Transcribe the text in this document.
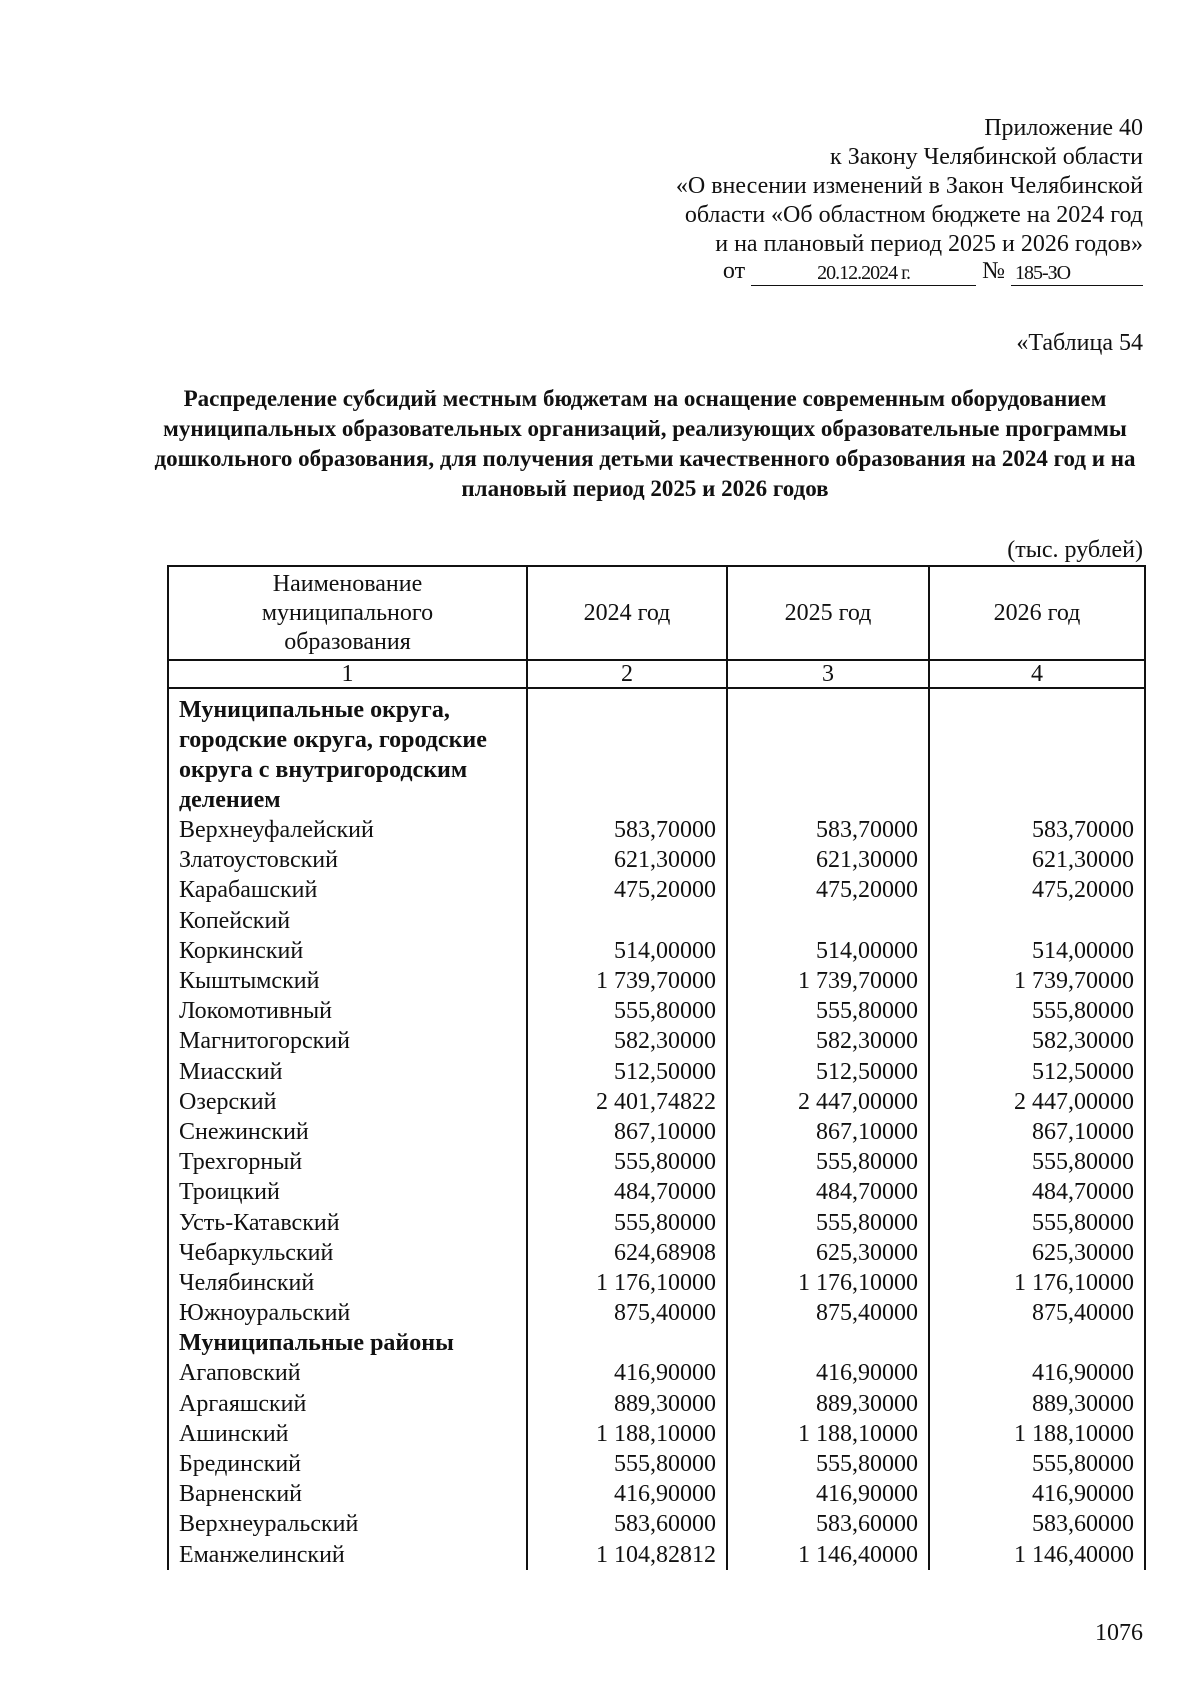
Приложение 40
к Закону Челябинской области
«О внесении изменений в Закон Челябинской
области «Об областном бюджете на 2024 год
и на плановый период 2025 и 2026 годов»
от	20.12.2024 г.	№ 185-ЗО
«Таблица 54
Распределение субсидий местным бюджетам на оснащение современным оборудованием муниципальных образовательных организаций, реализующих образовательные программы дошкольного образования, для получения детьми качественного образования на 2024 год и на плановый период 2025 и 2026 годов
(тыс. рублей)
Наименование муниципального образования	2024 год	2025 год	2026 год
1	2	3	4

Муниципальные округа, городские округа, городские округа с внутригородским делением			
Верхнеуфалейский	583,70000	583,70000	583,70000
Златоустовский	621,30000	621,30000	621,30000
Карабашский	475,20000	475,20000	475,20000
Копейский			
Коркинский	514,00000	514,00000	514,00000
Кыштымский	1 739,70000	1 739,70000	1 739,70000
Локомотивный	555,80000	555,80000	555,80000
Магнитогорский	582,30000	582,30000	582,30000
Миасский	512,50000	512,50000	512,50000
Озерский	2 401,74822	2 447,00000	2 447,00000
Снежинский	867,10000	867,10000	867,10000
Трехгорный	555,80000	555,80000	555,80000
Троицкий	484,70000	484,70000	484,70000
Усть-Катавский	555,80000	555,80000	555,80000
Чебаркульский	624,68908	625,30000	625,30000
Челябинский	1 176,10000	1 176,10000	1 176,10000
Южноуральский	875,40000	875,40000	875,40000
Муниципальные районы			
Агаповский	416,90000	416,90000	416,90000
Аргаяшский	889,30000	889,30000	889,30000
Ашинский	1 188,10000	1 188,10000	1 188,10000
Брединский	555,80000	555,80000	555,80000
Варненский	416,90000	416,90000	416,90000
Верхнеуральский	583,60000	583,60000	583,60000
Еманжелинский	1 104,82812	1 146,40000	1 146,40000
1076
